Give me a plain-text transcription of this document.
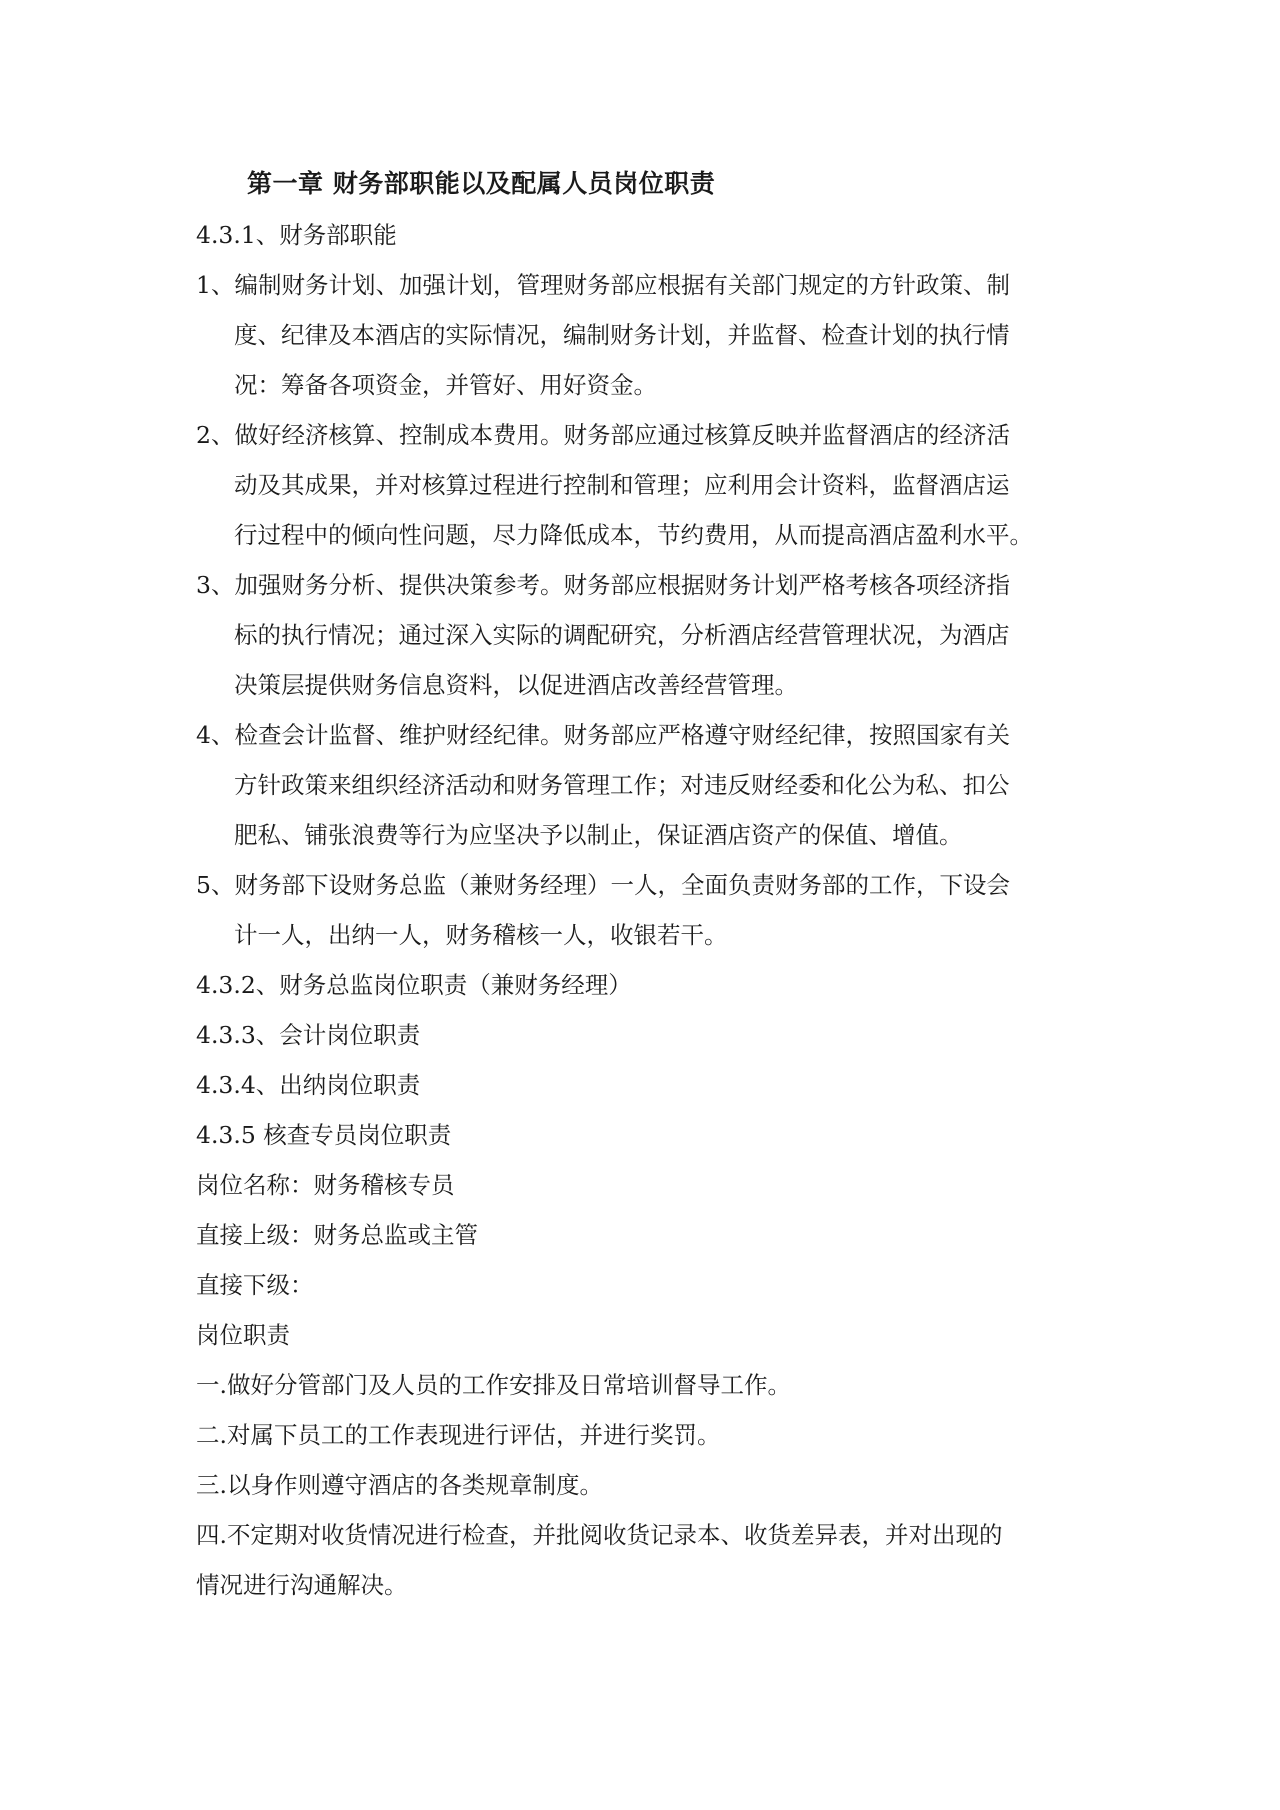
第一章 财务部职能以及配属人员岗位职责

4.3.1、财务部职能

1、编制财务计划、加强计划，管理财务部应根据有关部门规定的方针政策、制

度、纪律及本酒店的实际情况，编制财务计划，并监督、检查计划的执行情

况：筹备各项资金，并管好、用好资金。

2、做好经济核算、控制成本费用。财务部应通过核算反映并监督酒店的经济活

动及其成果，并对核算过程进行控制和管理；应利用会计资料，监督酒店运

行过程中的倾向性问题，尽力降低成本，节约费用，从而提高酒店盈利水平。

3、加强财务分析、提供决策参考。财务部应根据财务计划严格考核各项经济指

标的执行情况；通过深入实际的调配研究，分析酒店经营管理状况，为酒店

决策层提供财务信息资料，以促进酒店改善经营管理。

4、检查会计监督、维护财经纪律。财务部应严格遵守财经纪律，按照国家有关

方针政策来组织经济活动和财务管理工作；对违反财经委和化公为私、扣公

肥私、铺张浪费等行为应坚决予以制止，保证酒店资产的保值、增值。

5、财务部下设财务总监（兼财务经理）一人，全面负责财务部的工作，下设会

计一人，出纳一人，财务稽核一人，收银若干。

4.3.2、财务总监岗位职责（兼财务经理）

4.3.3、会计岗位职责

4.3.4、出纳岗位职责

4.3.5 核查专员岗位职责

岗位名称：财务稽核专员

直接上级：财务总监或主管

直接下级：

岗位职责

一.做好分管部门及人员的工作安排及日常培训督导工作。

二.对属下员工的工作表现进行评估，并进行奖罚。

三.以身作则遵守酒店的各类规章制度。

四.不定期对收货情况进行检查，并批阅收货记录本、收货差异表，并对出现的

情况进行沟通解决。
